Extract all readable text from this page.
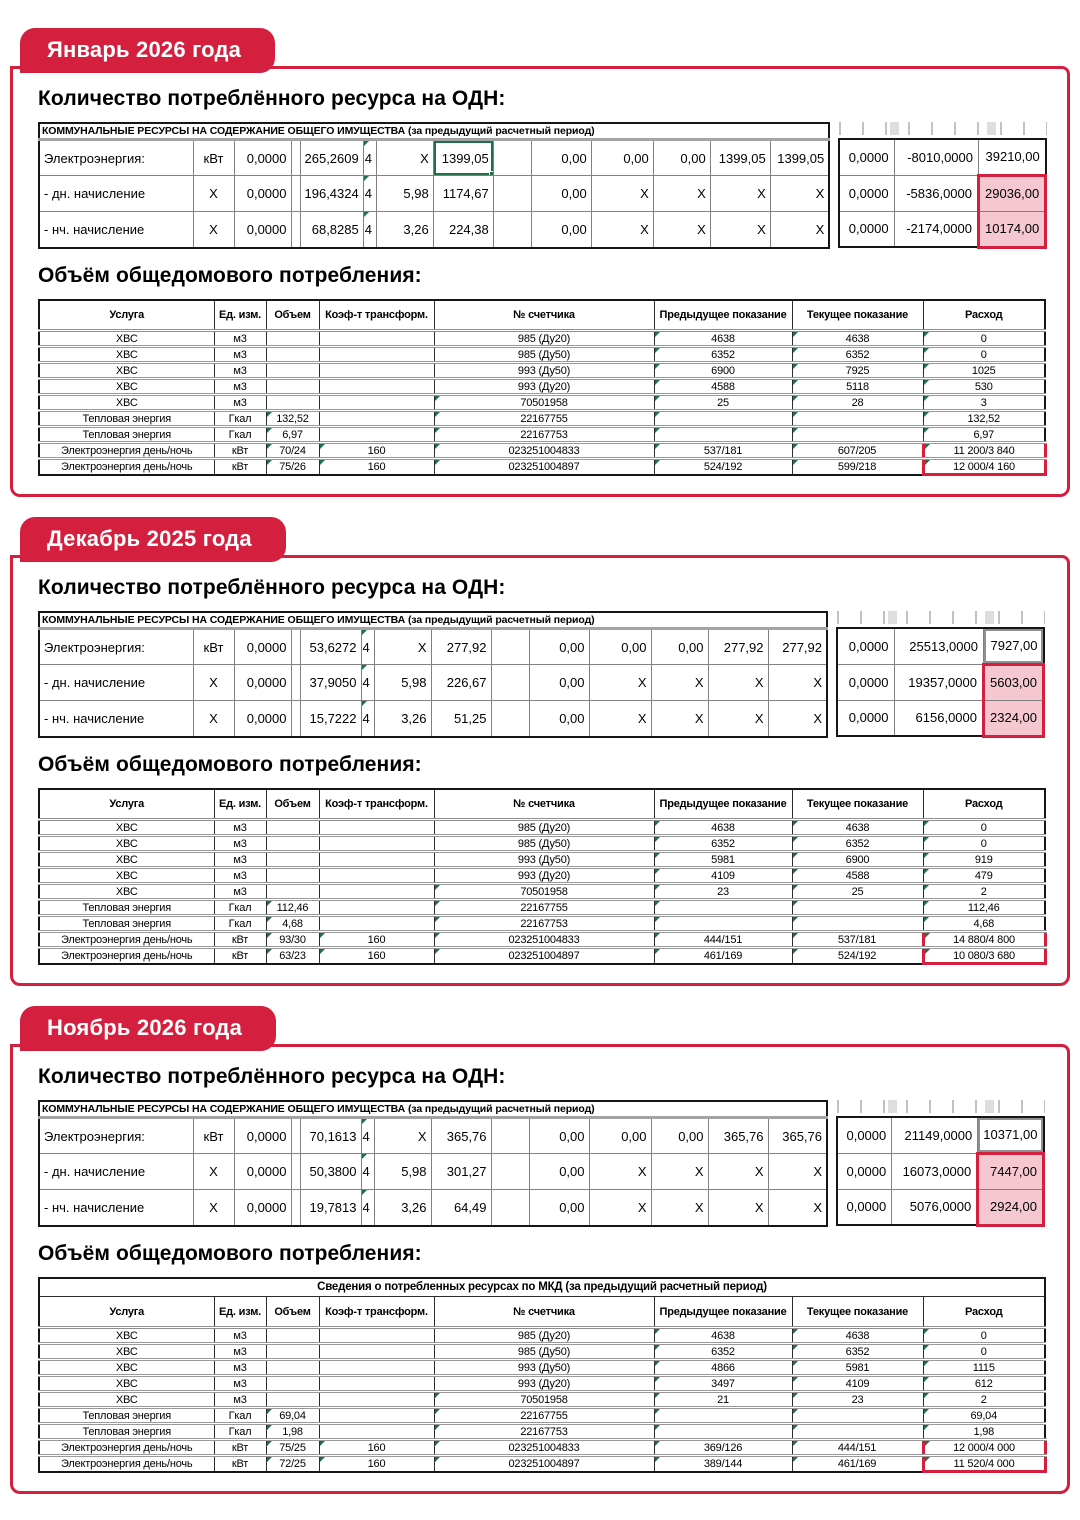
Январь 2026 года
Количество потреблённого ресурса на ОДН:
КОММУНАЛЬНЫЕ РЕСУРСЫ НА СОДЕРЖАНИЕ ОБЩЕГО ИМУЩЕСТВА (за предыдущий расчетный период)													
Электроэнергия:	кВт	0,0000		265,2609	4	X	1399,05		0,00	0,00	0,00	1399,05	1399,05
- дн. начисление	X	0,0000		196,4324	4	5,98	1174,67		0,00	X	X	X	X
- нч. начисление	X	0,0000		68,8285	4	3,26	224,38		0,00	X	X	X	X
0,0000	-8010,0000	39210,00
0,0000	-5836,0000	29036,00
0,0000	-2174,0000	10174,00
Объём общедомового потребления:
Услуга	Ед. изм.	Объем	Коэф-т трансформ.	№ счетчика	Предыдущее показание	Текущее показание	Расход
ХВС	м3			985 (Ду20)	4638	4638	0
ХВС	м3			985 (Ду50)	6352	6352	0
ХВС	м3			993 (Ду50)	6900	7925	1025
ХВС	м3			993 (Ду20)	4588	5118	530
ХВС	м3			70501958	25	28	3
Тепловая энергия	Гкал	132,52		22167755			132,52
Тепловая энергия	Гкал	6,97		22167753			6,97
Электроэнергия день/ночь	кВт	70/24	160	023251004833	537/181	607/205	11 200/3 840
Электроэнергия день/ночь	кВт	75/26	160	023251004897	524/192	599/218	12 000/4 160
Декабрь 2025 года
Количество потреблённого ресурса на ОДН:
КОММУНАЛЬНЫЕ РЕСУРСЫ НА СОДЕРЖАНИЕ ОБЩЕГО ИМУЩЕСТВА (за предыдущий расчетный период)													
Электроэнергия:	кВт	0,0000		53,6272	4	X	277,92		0,00	0,00	0,00	277,92	277,92
- дн. начисление	X	0,0000		37,9050	4	5,98	226,67		0,00	X	X	X	X
- нч. начисление	X	0,0000		15,7222	4	3,26	51,25		0,00	X	X	X	X
0,0000	25513,0000	7927,00
0,0000	19357,0000	5603,00
0,0000	6156,0000	2324,00
Объём общедомового потребления:
Услуга	Ед. изм.	Объем	Коэф-т трансформ.	№ счетчика	Предыдущее показание	Текущее показание	Расход
ХВС	м3			985 (Ду20)	4638	4638	0
ХВС	м3			985 (Ду50)	6352	6352	0
ХВС	м3			993 (Ду50)	5981	6900	919
ХВС	м3			993 (Ду20)	4109	4588	479
ХВС	м3			70501958	23	25	2
Тепловая энергия	Гкал	112,46		22167755			112,46
Тепловая энергия	Гкал	4,68		22167753			4,68
Электроэнергия день/ночь	кВт	93/30	160	023251004833	444/151	537/181	14 880/4 800
Электроэнергия день/ночь	кВт	63/23	160	023251004897	461/169	524/192	10 080/3 680
Ноябрь 2026 года
Количество потреблённого ресурса на ОДН:
КОММУНАЛЬНЫЕ РЕСУРСЫ НА СОДЕРЖАНИЕ ОБЩЕГО ИМУЩЕСТВА (за предыдущий расчетный период)													
Электроэнергия:	кВт	0,0000		70,1613	4	X	365,76		0,00	0,00	0,00	365,76	365,76
- дн. начисление	X	0,0000		50,3800	4	5,98	301,27		0,00	X	X	X	X
- нч. начисление	X	0,0000		19,7813	4	3,26	64,49		0,00	X	X	X	X
0,0000	21149,0000	10371,00
0,0000	16073,0000	7447,00
0,0000	5076,0000	2924,00
Объём общедомового потребления:
Сведения о потребленных ресурсах по МКД (за предыдущий расчетный период)							
Услуга	Ед. изм.	Объем	Коэф-т трансформ.	№ счетчика	Предыдущее показание	Текущее показание	Расход
ХВС	м3			985 (Ду20)	4638	4638	0
ХВС	м3			985 (Ду50)	6352	6352	0
ХВС	м3			993 (Ду50)	4866	5981	1115
ХВС	м3			993 (Ду20)	3497	4109	612
ХВС	м3			70501958	21	23	2
Тепловая энергия	Гкал	69,04		22167755			69,04
Тепловая энергия	Гкал	1,98		22167753			1,98
Электроэнергия день/ночь	кВт	75/25	160	023251004833	369/126	444/151	12 000/4 000
Электроэнергия день/ночь	кВт	72/25	160	023251004897	389/144	461/169	11 520/4 000
